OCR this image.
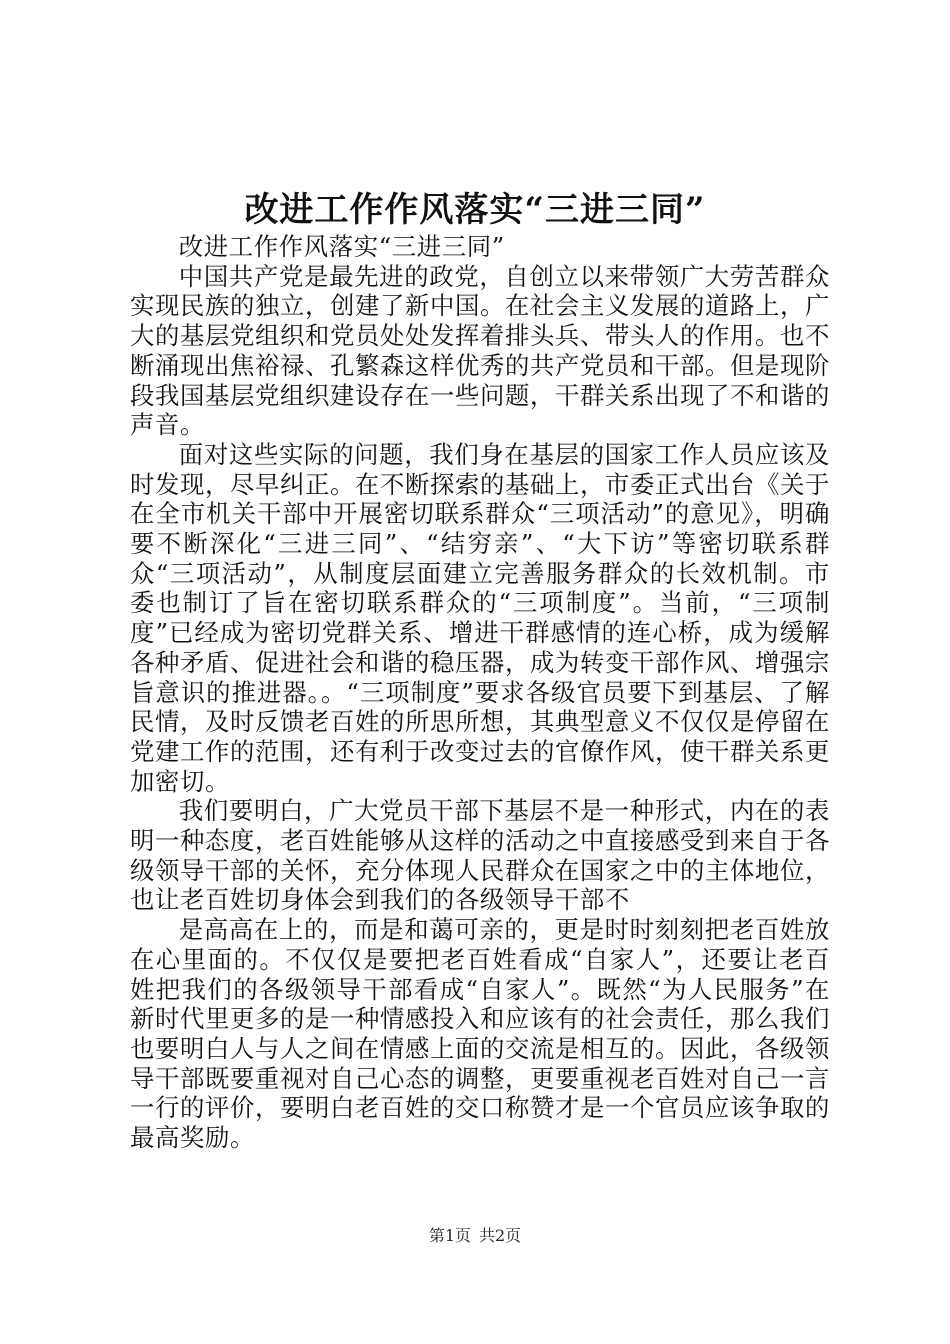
改进工作作风落实“三进三同”

改进工作作风落实“三进三同”

中国共产党是最先进的政党，自创立以来带领广大劳苦群众实现民族的独立，创建了新中国。在社会主义发展的道路上，广大的基层党组织和党员处处发挥着排头兵、带头人的作用。也不断涌现出焦裕禄、孔繁森这样优秀的共产党员和干部。但是现阶段我国基层党组织建设存在一些问题，干群关系出现了不和谐的声音。

面对这些实际的问题，我们身在基层的国家工作人员应该及时发现，尽早纠正。在不断探索的基础上，市委正式出台《关于在全市机关干部中开展密切联系群众“三项活动”的意见》，明确要不断深化“三进三同”、“结穷亲”、“大下访”等密切联系群众“三项活动”，从制度层面建立完善服务群众的长效机制。市委也制订了旨在密切联系群众的“三项制度”。当前，“三项制度”已经成为密切党群关系、增进干群感情的连心桥，成为缓解各种矛盾、促进社会和谐的稳压器，成为转变干部作风、增强宗旨意识的推进器。。“三项制度”要求各级官员要下到基层、了解民情，及时反馈老百姓的所思所想，其典型意义不仅仅是停留在党建工作的范围，还有利于改变过去的官僚作风，使干群关系更加密切。

我们要明白，广大党员干部下基层不是一种形式，内在的表明一种态度，老百姓能够从这样的活动之中直接感受到来自于各级领导干部的关怀，充分体现人民群众在国家之中的主体地位，也让老百姓切身体会到我们的各级领导干部不

是高高在上的，而是和蔼可亲的，更是时时刻刻把老百姓放在心里面的。不仅仅是要把老百姓看成“自家人”，还要让老百姓把我们的各级领导干部看成“自家人”。既然“为人民服务”在新时代里更多的是一种情感投入和应该有的社会责任，那么我们也要明白人与人之间在情感上面的交流是相互的。因此，各级领导干部既要重视对自己心态的调整，更要重视老百姓对自己一言一行的评价，要明白老百姓的交口称赞才是一个官员应该争取的最高奖励。

第1页 共2页
